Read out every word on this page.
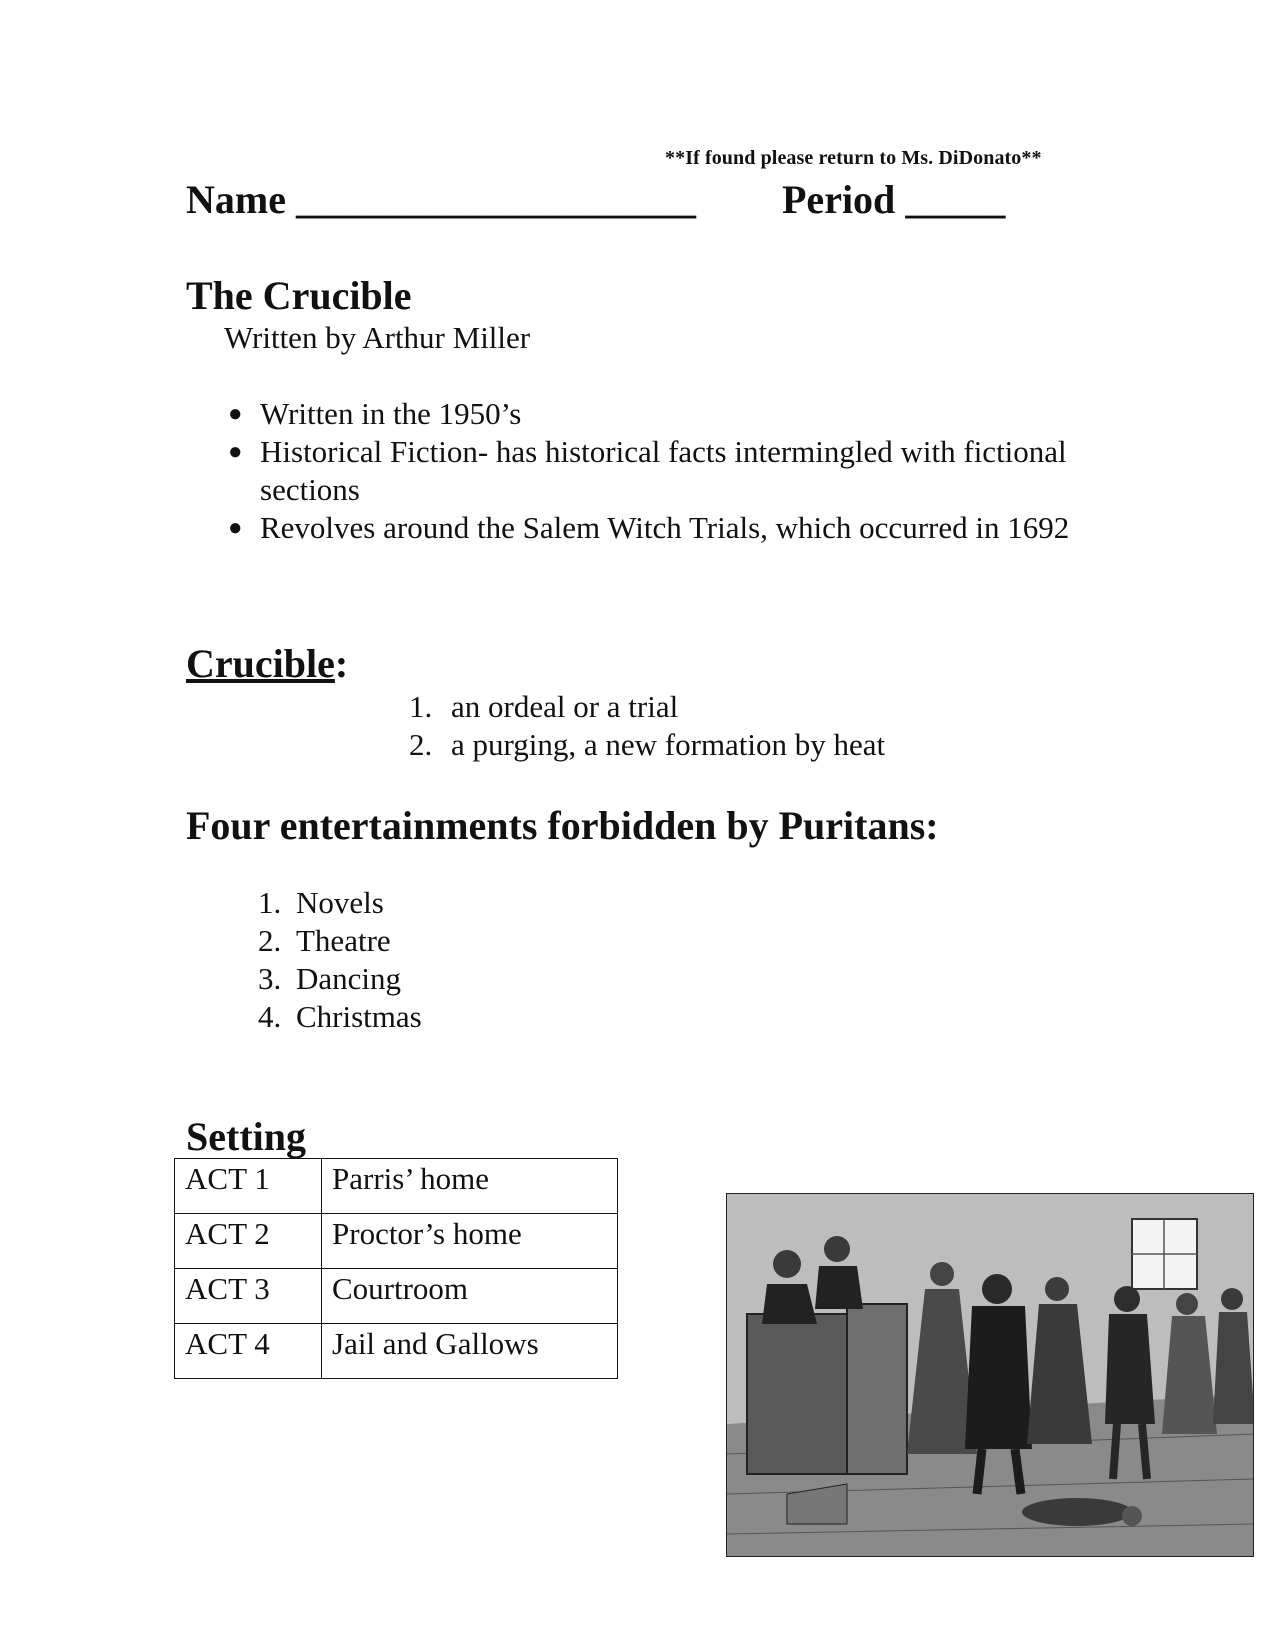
**If found please return to Ms. DiDonato**
Name ____________________ Period _____
The Crucible
Written by Arthur Miller
● Written in the 1950’s
● Historical Fiction- has historical facts intermingled with fictional sections
● Revolves around the Salem Witch Trials, which occurred in 1692
Crucible:
1. an ordeal or a trial
2. a purging, a new formation by heat
Four entertainments forbidden by Puritans:
1. Novels
2. Theatre
3. Dancing
4. Christmas
Setting
ACT 1	Parris’ home
ACT 2	Proctor’s home
ACT 3	Courtroom
ACT 4	Jail and Gallows
